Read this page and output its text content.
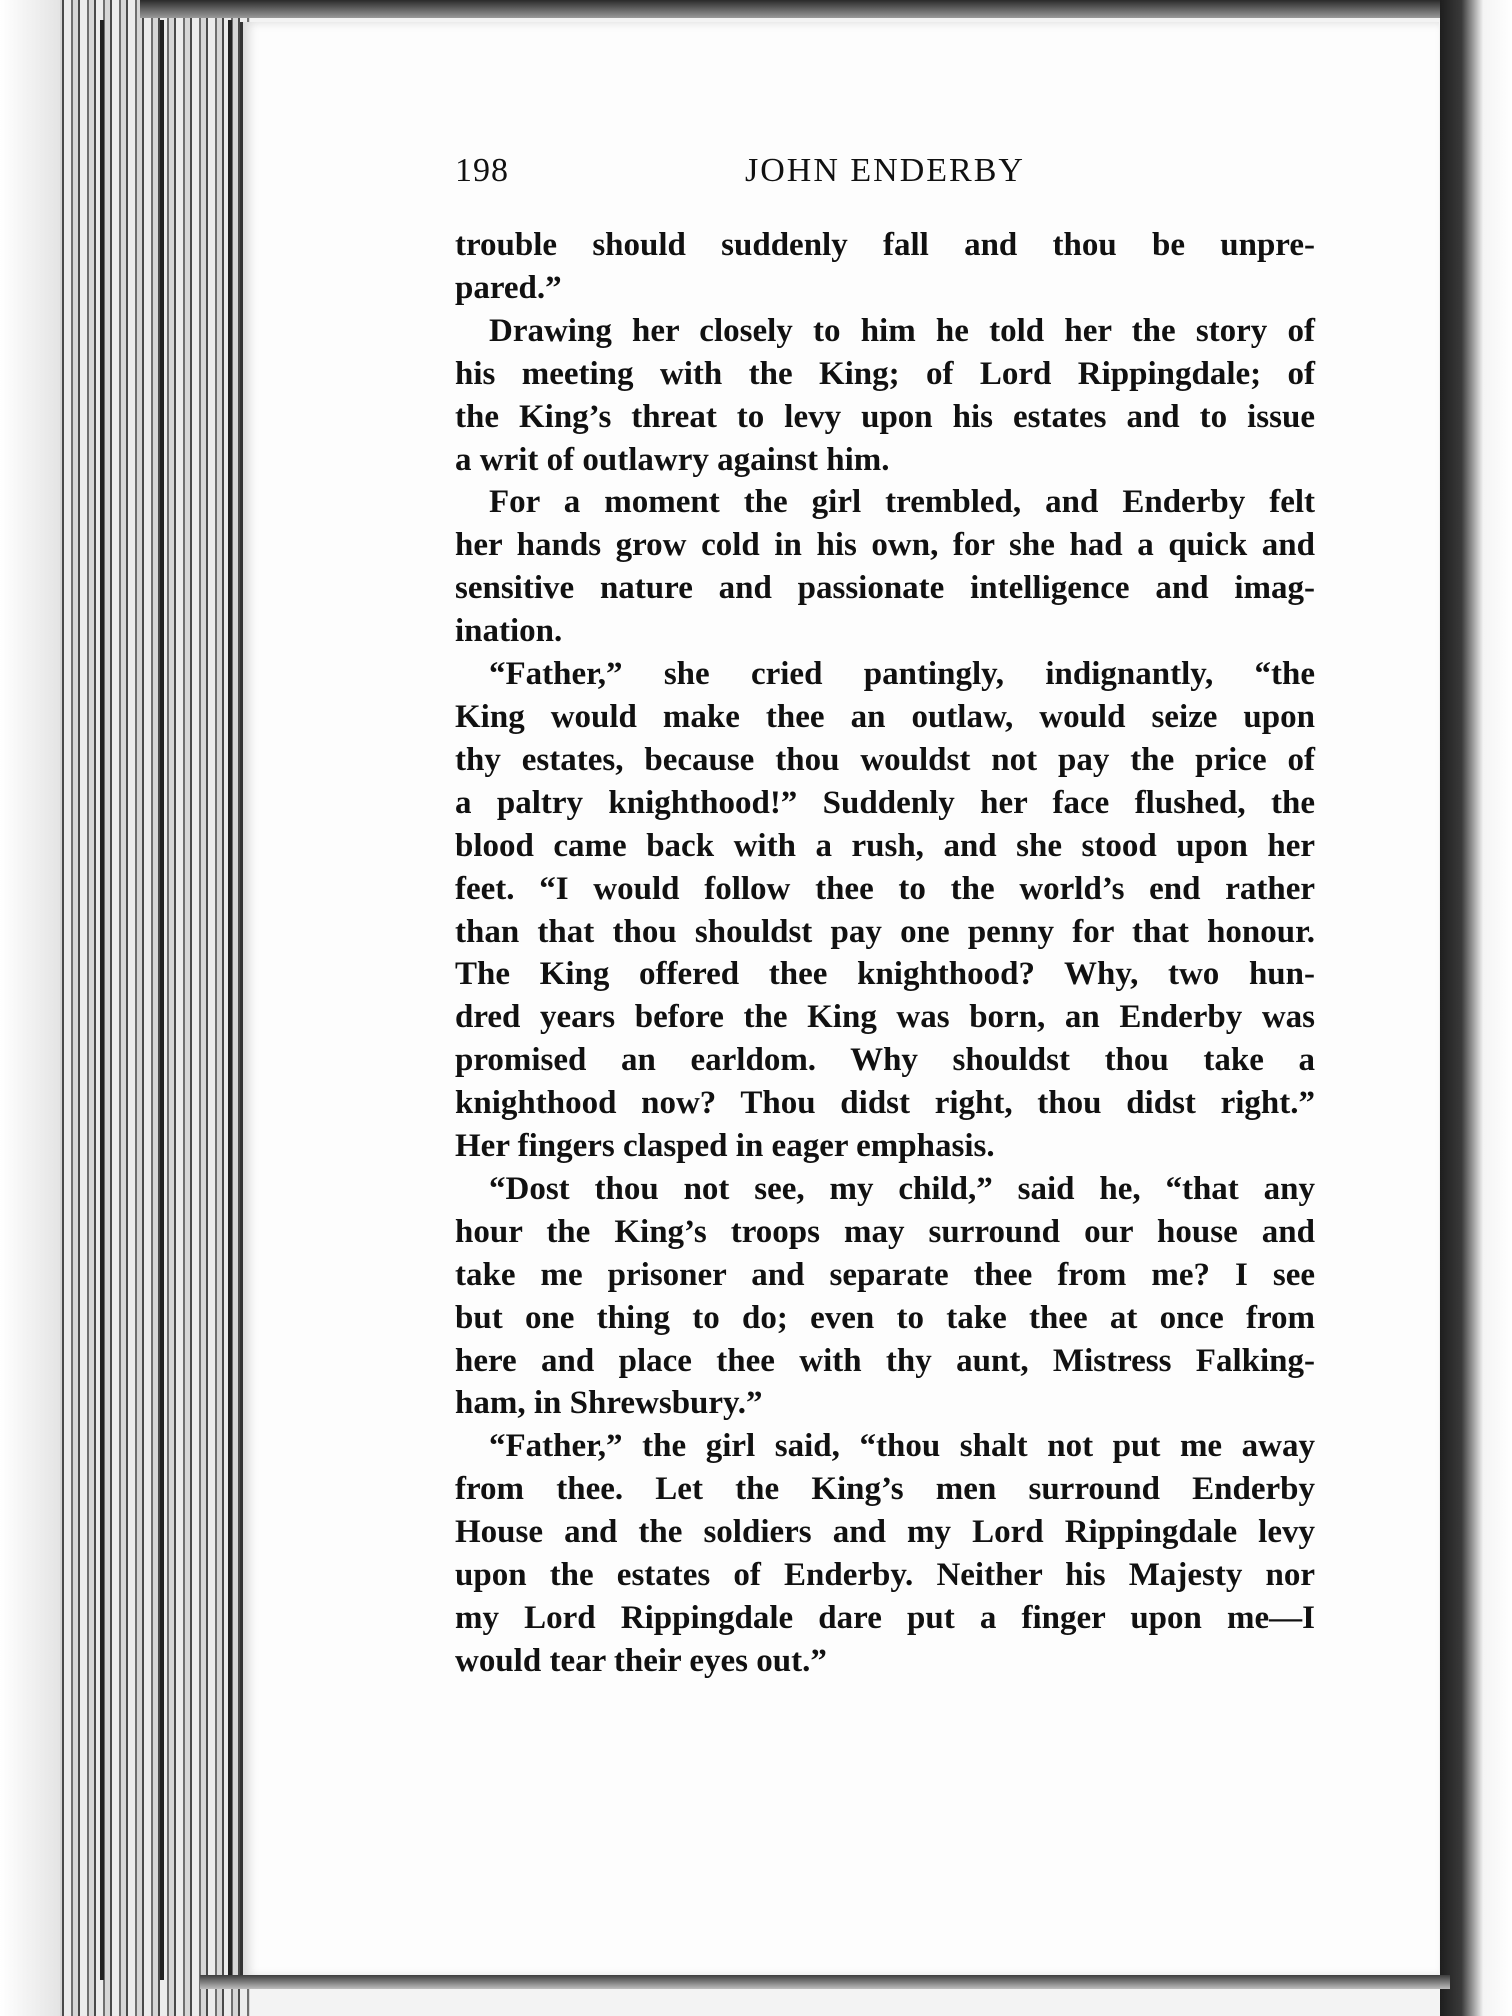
198	JOHN ENDERBY
trouble should suddenly fall and thou be unpre-
pared.”
Drawing her closely to him he told her the story of
his meeting with the King; of Lord Rippingdale; of
the King’s threat to levy upon his estates and to issue
a writ of outlawry against him.
For a moment the girl trembled, and Enderby felt
her hands grow cold in his own, for she had a quick and
sensitive nature and passionate intelligence and imag-
ination.
“Father,” she cried pantingly, indignantly, “the
King would make thee an outlaw, would seize upon
thy estates, because thou wouldst not pay the price of
a paltry knighthood!” Suddenly her face flushed, the
blood came back with a rush, and she stood upon her
feet. “I would follow thee to the world’s end rather
than that thou shouldst pay one penny for that honour.
The King offered thee knighthood? Why, two hun-
dred years before the King was born, an Enderby was
promised an earldom. Why shouldst thou take a
knighthood now? Thou didst right, thou didst right.”
Her fingers clasped in eager emphasis.
“Dost thou not see, my child,” said he, “that any
hour the King’s troops may surround our house and
take me prisoner and separate thee from me? I see
but one thing to do; even to take thee at once from
here and place thee with thy aunt, Mistress Falking-
ham, in Shrewsbury.”
“Father,” the girl said, “thou shalt not put me away
from thee. Let the King’s men surround Enderby
House and the soldiers and my Lord Rippingdale levy
upon the estates of Enderby. Neither his Majesty nor
my Lord Rippingdale dare put a finger upon me—I
would tear their eyes out.”
